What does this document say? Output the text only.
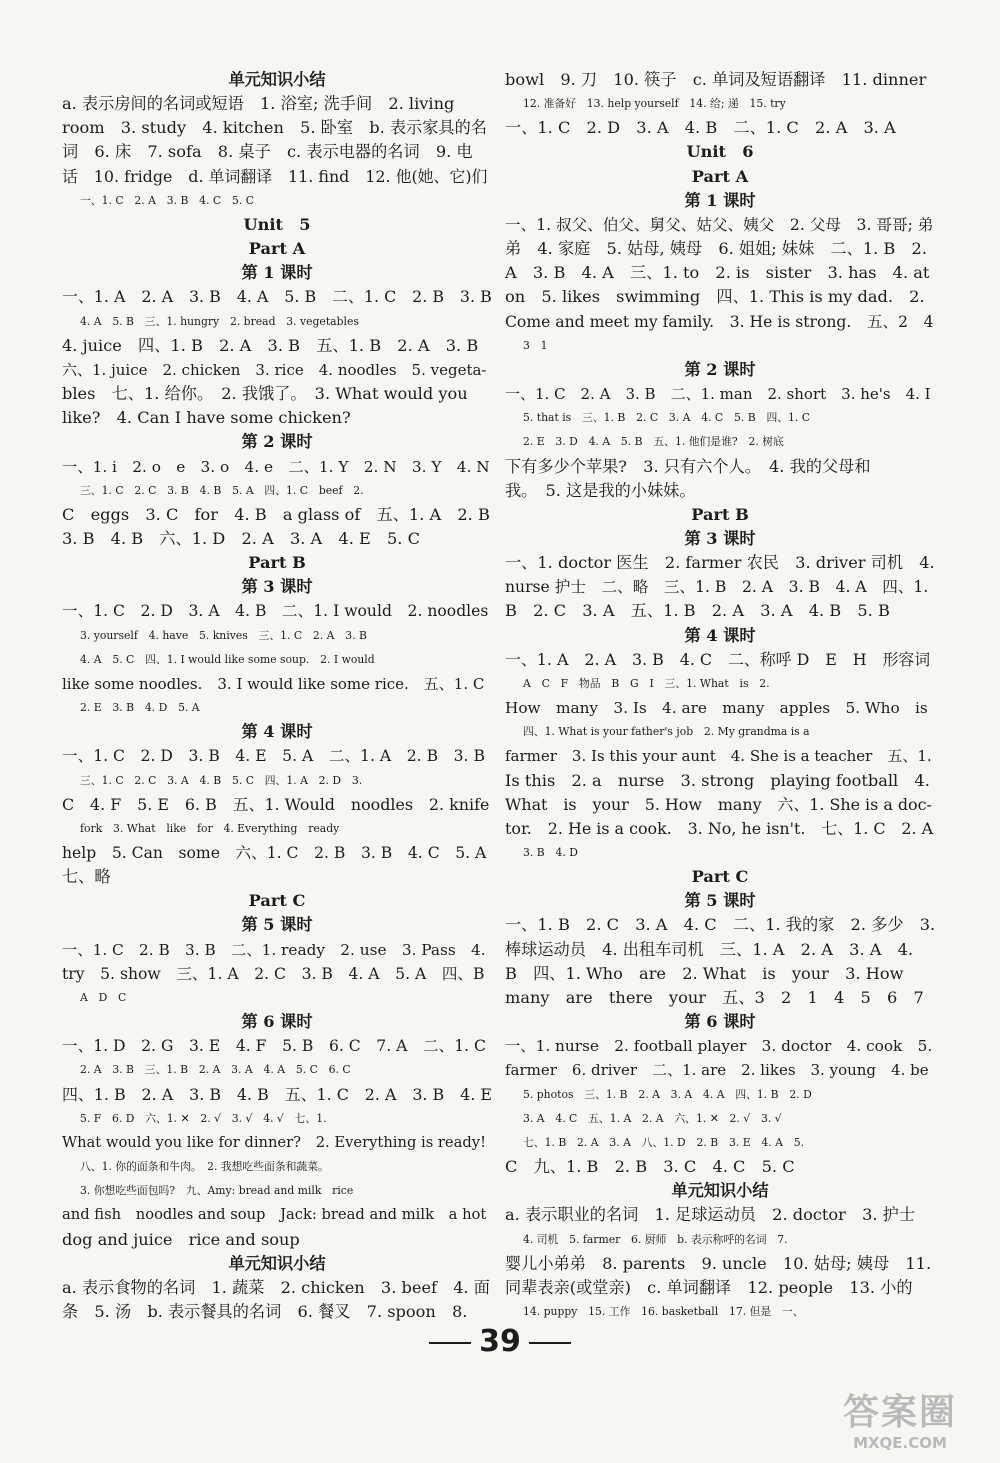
单元知识小结
a. 表示房间的名词或短语　1. 浴室; 洗手间　2. living
room　3. study　4. kitchen　5. 卧室　b. 表示家具的名
词　6. 床　7. sofa　8. 桌子　c. 表示电器的名词　9. 电
话　10. fridge　d. 单词翻译　11. find　12. 他(她、它)们
一、1. C　2. A　3. B　4. C　5. C
Unit　5
Part A
第 1 课时
一、1. A　2. A　3. B　4. A　5. B　二、1. C　2. B　3. B
4. A　5. B　三、1. hungry　2. bread　3. vegetables
4. juice　四、1. B　2. A　3. B　五、1. B　2. A　3. B
六、1. juice　2. chicken　3. rice　4. noodles　5. vegeta-
bles　七、1. 给你。　2. 我饿了。　3. What would you
like?　4. Can I have some chicken?
第 2 课时
一、1. i　2. o　e　3. o　4. e　二、1. Y　2. N　3. Y　4. N
三、1. C　2. C　3. B　4. B　5. A　四、1. C　beef　2.
C　eggs　3. C　for　4. B　a glass of　五、1. A　2. B
3. B　4. B　六、1. D　2. A　3. A　4. E　5. C
Part B
第 3 课时
一、1. C　2. D　3. A　4. B　二、1. I would　2. noodles
3. yourself　4. have　5. knives　三、1. C　2. A　3. B
4. A　5. C　四、1. I would like some soup.　2. I would
like some noodles.　3. I would like some rice.　五、1. C
2. E　3. B　4. D　5. A
第 4 课时
一、1. C　2. D　3. B　4. E　5. A　二、1. A　2. B　3. B
三、1. C　2. C　3. A　4. B　5. C　四、1. A　2. D　3.
C　4. F　5. E　6. B　五、1. Would　noodles　2. knife
fork　3. What　like　for　4. Everything　ready
help　5. Can　some　六、1. C　2. B　3. B　4. C　5. A
七、略
Part C
第 5 课时
一、1. C　2. B　3. B　二、1. ready　2. use　3. Pass　4.
try　5. show　三、1. A　2. C　3. B　4. A　5. A　四、B
A　D　C
第 6 课时
一、1. D　2. G　3. E　4. F　5. B　6. C　7. A　二、1. C
2. A　3. B　三、1. B　2. A　3. A　4. A　5. C　6. C
四、1. B　2. A　3. B　4. B　五、1. C　2. A　3. B　4. E
5. F　6. D　六、1. ✕　2. √　3. √　4. √　七、1.
What would you like for dinner?　2. Everything is ready!
八、1. 你的面条和牛肉。　2. 我想吃些面条和蔬菜。
3. 你想吃些面包吗?　九、Amy: bread and milk　rice
and fish　noodles and soup　Jack: bread and milk　a hot
dog and juice　rice and soup
单元知识小结
a. 表示食物的名词　1. 蔬菜　2. chicken　3. beef　4. 面
条　5. 汤　b. 表示餐具的名词　6. 餐叉　7. spoon　8.
bowl　9. 刀　10. 筷子　c. 单词及短语翻译　11. dinner
12. 准备好　13. help yourself　14. 给; 递　15. try
一、1. C　2. D　3. A　4. B　二、1. C　2. A　3. A
Unit　6
Part A
第 1 课时
一、1. 叔父、伯父、舅父、姑父、姨父　2. 父母　3. 哥哥; 弟
弟　4. 家庭　5. 姑母, 姨母　6. 姐姐; 妹妹　二、1. B　2.
A　3. B　4. A　三、1. to　2. is　sister　3. has　4. at
on　5. likes　swimming　四、1. This is my dad.　2.
Come and meet my family.　3. He is strong.　五、2　4
3　1
第 2 课时
一、1. C　2. A　3. B　二、1. man　2. short　3. he's　4. I
5. that is　三、1. B　2. C　3. A　4. C　5. B　四、1. C
2. E　3. D　4. A　5. B　五、1. 他们是谁?　2. 树底
下有多少个苹果?　3. 只有六个人。　4. 我的父母和
我。　5. 这是我的小妹妹。
Part B
第 3 课时
一、1. doctor 医生　2. farmer 农民　3. driver 司机　4.
nurse 护士　二、略　三、1. B　2. A　3. B　4. A　四、1.
B　2. C　3. A　五、1. B　2. A　3. A　4. B　5. B
第 4 课时
一、1. A　2. A　3. B　4. C　二、称呼 D　E　H　形容词
A　C　F　物品　B　G　I　三、1. What　is　2.
How　many　3. Is　4. are　many　apples　5. Who　is
四、1. What is your father's job　2. My grandma is a
farmer　3. Is this your aunt　4. She is a teacher　五、1.
Is this　2. a　nurse　3. strong　playing football　4.
What　is　your　5. How　many　六、1. She is a doc-
tor.　2. He is a cook.　3. No, he isn't.　七、1. C　2. A
3. B　4. D
Part C
第 5 课时
一、1. B　2. C　3. A　4. C　二、1. 我的家　2. 多少　3.
棒球运动员　4. 出租车司机　三、1. A　2. A　3. A　4.
B　四、1. Who　are　2. What　is　your　3. How
many　are　there　your　五、3　2　1　4　5　6　7
第 6 课时
一、1. nurse　2. football player　3. doctor　4. cook　5.
farmer　6. driver　二、1. are　2. likes　3. young　4. be
5. photos　三、1. B　2. A　3. A　4. A　四、1. B　2. D
3. A　4. C　五、1. A　2. A　六、1. ✕　2. √　3. √
七、1. B　2. A　3. A　八、1. D　2. B　3. E　4. A　5.
C　九、1. B　2. B　3. C　4. C　5. C
单元知识小结
a. 表示职业的名词　1. 足球运动员　2. doctor　3. 护士
4. 司机　5. farmer　6. 厨师　b. 表示称呼的名词　7.
婴儿小弟弟　8. parents　9. uncle　10. 姑母; 姨母　11.
同辈表亲(或堂亲)　c. 单词翻译　12. people　13. 小的
14. puppy　15. 工作　16. basketball　17. 但是　一、
39
答案圈
MXQE.COM
